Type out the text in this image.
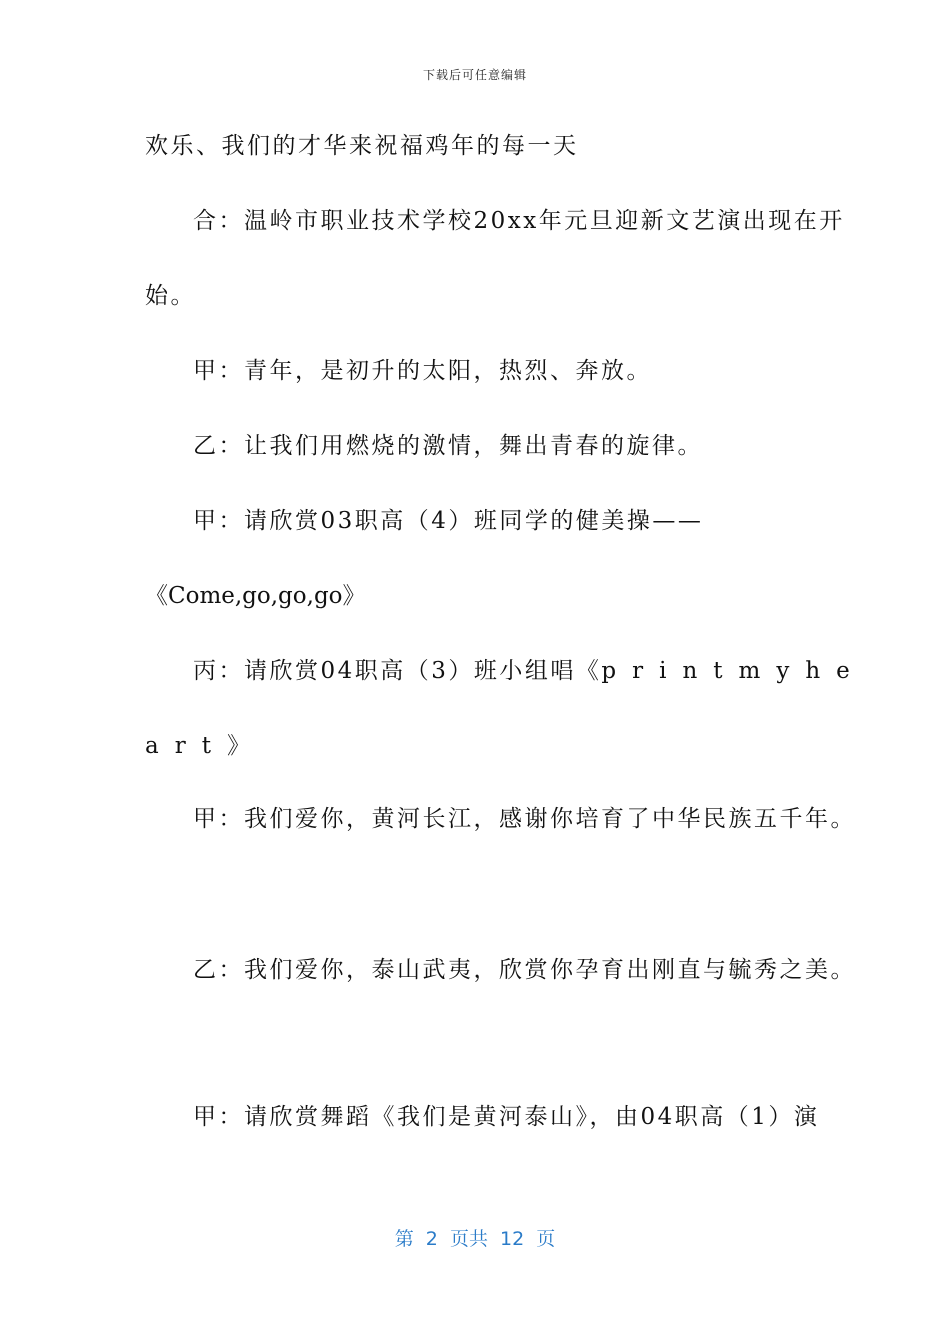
下载后可任意编辑
欢乐、我们的才华来祝福鸡年的每一天
合：温岭市职业技术学校20xx年元旦迎新文艺演出现在开
始。
甲：青年，是初升的太阳，热烈、奔放。
乙：让我们用燃烧的激情，舞出青春的旋律。
甲：请欣赏03职高（4）班同学的健美操——
《Come,go,go,go》
丙：请欣赏04职高（3）班小组唱《printmyhe
art》
甲：我们爱你，黄河长江，感谢你培育了中华民族五千年。
乙：我们爱你，泰山武夷，欣赏你孕育出刚直与毓秀之美。
甲：请欣赏舞蹈《我们是黄河泰山》，由04职高（1）演
第  2  页共  12  页
